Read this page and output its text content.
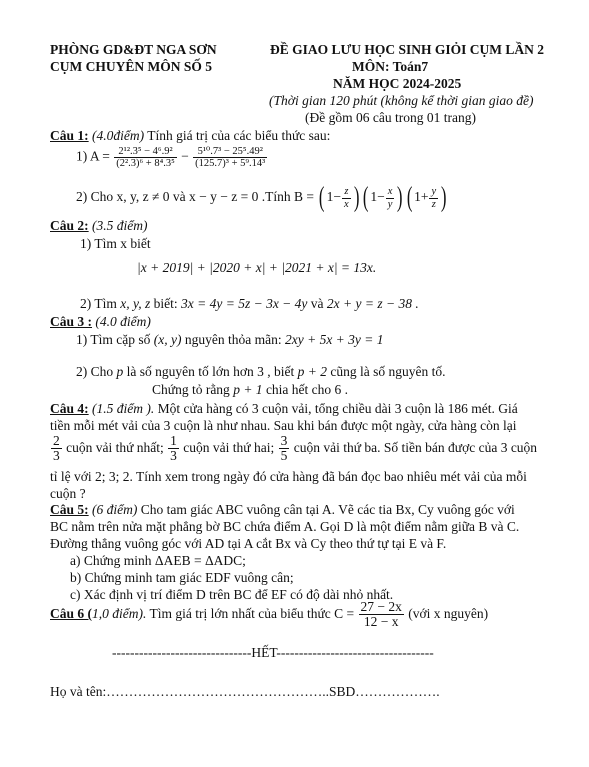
PHÒNG GD&ĐT NGA SƠN
CỤM CHUYÊN MÔN SỐ 5
ĐỀ GIAO LƯU HỌC SINH GIỎI CỤM LẦN 2
MÔN: Toán7
NĂM HỌC 2024-2025
(Thời gian 120 phút (không kể thời gian giao đề)
(Đề gồm 06 câu trong 01 trang)
Câu 1: (4.0điểm) Tính giá trị của các biểu thức sau:
1) $A = \frac{\text{2¹².3⁵ − 4⁶.9²}}{\text{(2².3)⁶ + 8⁴.3⁵}} - \frac{\text{5¹⁰.7³ − 25⁵.49²}}{\text{(125.7)³ + 5⁹.14³}}$
2) Cho x, y, z ≠ 0 và x − y − z = 0 .Tính B = ( $1- \frac{z}{x}$ ) ( $1- \frac{x}{y}$ ) ( $1+ \frac{y}{z}$ )
Câu 2: (3.5 điểm)
1) Tìm x biết
|x + 2019| + |2020 + x| + |2021 + x| = 13x.
2) Tìm x, y, z biết: 3x = 4y = 5z − 3x − 4y và 2x + y = z − 38 .
Câu 3 : (4.0 điểm)
1) Tìm cặp số (x, y) nguyên thỏa mãn: 2xy + 5x + 3y = 1
2) Cho p là số nguyên tố lớn hơn 3 , biết p + 2 cũng là số nguyên tố.
Chứng tỏ rằng p + 1 chia hết cho 6 .
Câu 4: (1.5 điểm ). Một cửa hàng có 3 cuộn vải, tổng chiều dài 3 cuộn là 186 mét. Giá
tiền mỗi mét vải của 3 cuộn là như nhau. Sau khi bán được một ngày, cửa hàng còn lại
$\frac{2}{3}$ cuộn vải thứ nhất; $\frac{1}{3}$ cuộn vải thứ hai; $\frac{3}{5}$ cuộn vải thứ ba. Số tiền bán được của 3 cuộn
tỉ lệ với 2; 3; 2. Tính xem trong ngày đó cửa hàng đã bán đọc bao nhiêu mét vải của mỗi
cuộn ?
Câu 5: (6 điểm) Cho tam giác ABC vuông cân tại A. Vẽ các tia Bx, Cy vuông góc với
BC nằm trên nửa mặt phẳng bờ BC chứa điểm A. Gọi D là một điểm nằm giữa B và C.
Đường thẳng vuông góc với AD tại A cắt Bx và Cy theo thứ tự tại E và F.
a) Chứng minh ΔAEB = ΔADC;
b) Chứng minh tam giác EDF vuông cân;
c) Xác định vị trí điểm D trên BC để EF có độ dài nhỏ nhất.
Câu 6 (1,0 điểm). Tìm giá trị lớn nhất của biểu thức $C = \frac{27 - 2x}{12 - x}$ (với x nguyên)
-------------------------------HẾT-----------------------------------
Họ và tên:…………………………………………..SBD……………….
